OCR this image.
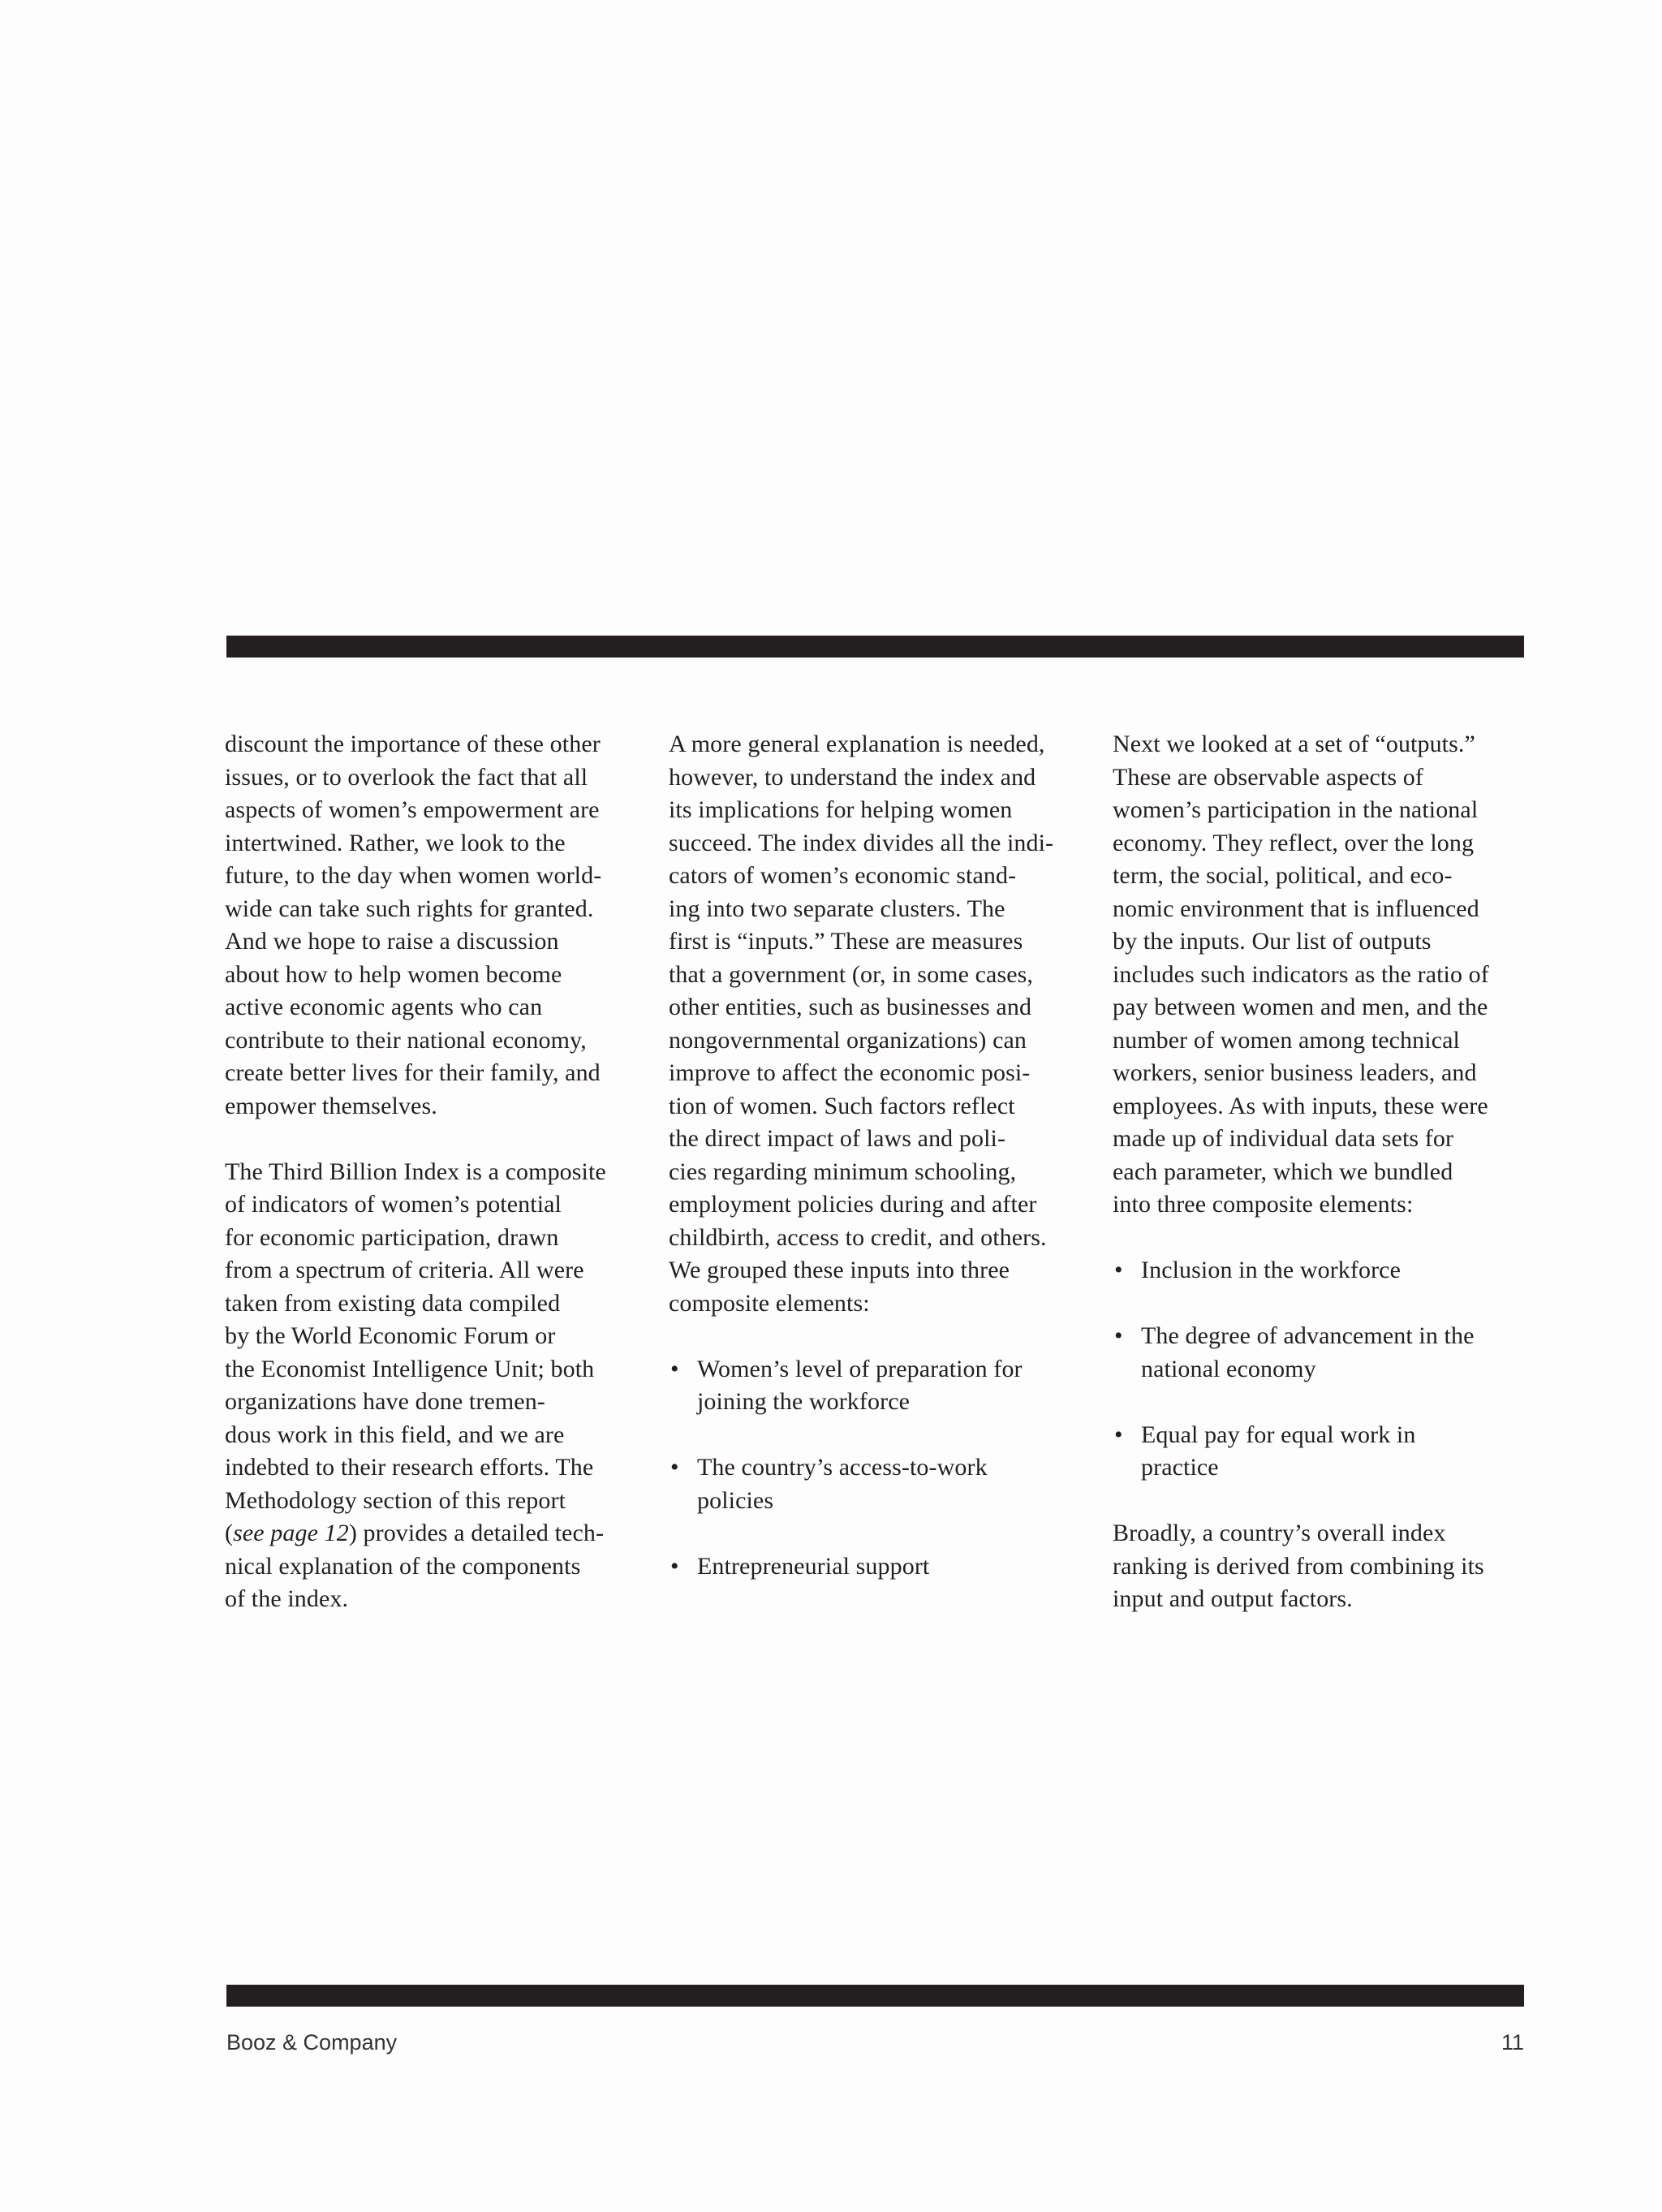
discount the importance of these other
issues, or to overlook the fact that all
aspects of women’s empowerment are
intertwined. Rather, we look to the
future, to the day when women world-
wide can take such rights for granted.
And we hope to raise a discussion
about how to help women become
active economic agents who can
contribute to their national economy,
create better lives for their family, and
empower themselves.

The Third Billion Index is a composite
of indicators of women’s potential
for economic participation, drawn
from a spectrum of criteria. All were
taken from existing data compiled
by the World Economic Forum or
the Economist Intelligence Unit; both
organizations have done tremen-
dous work in this field, and we are
indebted to their research efforts. The
Methodology section of this report
(see page 12) provides a detailed tech-
nical explanation of the components
of the index.

A more general explanation is needed,
however, to understand the index and
its implications for helping women
succeed. The index divides all the indi-
cators of women’s economic stand-
ing into two separate clusters. The
first is “inputs.” These are measures
that a government (or, in some cases,
other entities, such as businesses and
nongovernmental organizations) can
improve to affect the economic posi-
tion of women. Such factors reflect
the direct impact of laws and poli-
cies regarding minimum schooling,
employment policies during and after
childbirth, access to credit, and others.
We grouped these inputs into three
composite elements:

• Women’s level of preparation for
joining the workforce
• The country’s access-to-work
policies
• Entrepreneurial support

Next we looked at a set of “outputs.”
These are observable aspects of
women’s participation in the national
economy. They reflect, over the long
term, the social, political, and eco-
nomic environment that is influenced
by the inputs. Our list of outputs
includes such indicators as the ratio of
pay between women and men, and the
number of women among technical
workers, senior business leaders, and
employees. As with inputs, these were
made up of individual data sets for
each parameter, which we bundled
into three composite elements:

• Inclusion in the workforce
• The degree of advancement in the
national economy
• Equal pay for equal work in
practice

Broadly, a country’s overall index
ranking is derived from combining its
input and output factors.

Booz & Company	11
